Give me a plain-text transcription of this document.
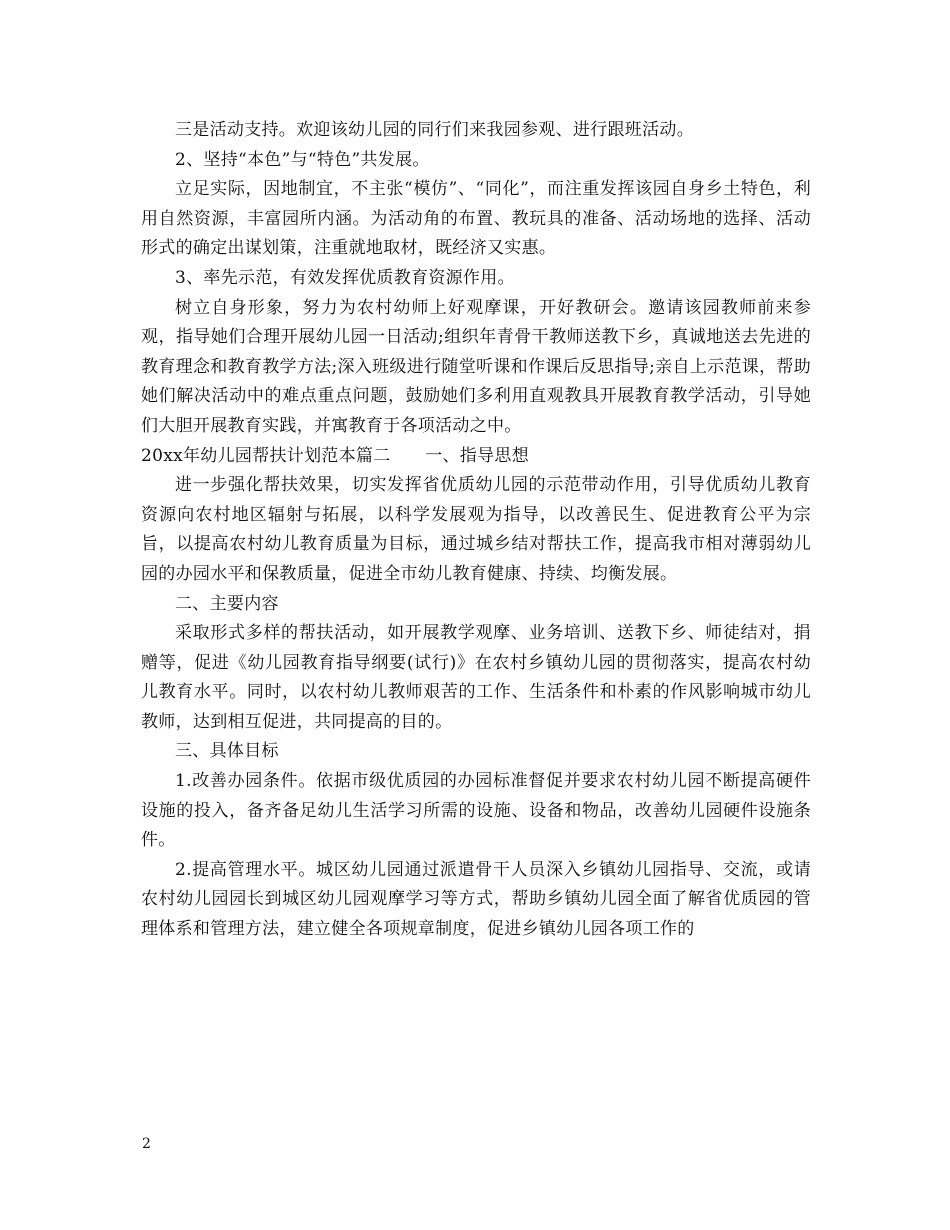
三是活动支持。欢迎该幼儿园的同行们来我园参观、进行跟班活动。

2、坚持“本色”与“特色”共发展。

立足实际，因地制宜，不主张“模仿”、“同化”，而注重发挥该园自身乡土特色，利用自然资源，丰富园所内涵。为活动角的布置、教玩具的准备、活动场地的选择、活动形式的确定出谋划策，注重就地取材，既经济又实惠。

3、率先示范，有效发挥优质教育资源作用。

树立自身形象，努力为农村幼师上好观摩课，开好教研会。邀请该园教师前来参观，指导她们合理开展幼儿园一日活动;组织年青骨干教师送教下乡，真诚地送去先进的教育理念和教育教学方法;深入班级进行随堂听课和作课后反思指导;亲自上示范课，帮助她们解决活动中的难点重点问题，鼓励她们多利用直观教具开展教育教学活动，引导她们大胆开展教育实践，并寓教育于各项活动之中。

20xx年幼儿园帮扶计划范本篇二　　一、指导思想

进一步强化帮扶效果，切实发挥省优质幼儿园的示范带动作用，引导优质幼儿教育资源向农村地区辐射与拓展，以科学发展观为指导，以改善民生、促进教育公平为宗旨，以提高农村幼儿教育质量为目标，通过城乡结对帮扶工作，提高我市相对薄弱幼儿园的办园水平和保教质量，促进全市幼儿教育健康、持续、均衡发展。

二、主要内容

采取形式多样的帮扶活动，如开展教学观摩、业务培训、送教下乡、师徒结对，捐赠等，促进《幼儿园教育指导纲要(试行)》在农村乡镇幼儿园的贯彻落实，提高农村幼儿教育水平。同时，以农村幼儿教师艰苦的工作、生活条件和朴素的作风影响城市幼儿教师，达到相互促进，共同提高的目的。

三、具体目标

1.改善办园条件。依据市级优质园的办园标准督促并要求农村幼儿园不断提高硬件设施的投入，备齐备足幼儿生活学习所需的设施、设备和物品，改善幼儿园硬件设施条件。

2.提高管理水平。城区幼儿园通过派遣骨干人员深入乡镇幼儿园指导、交流，或请农村幼儿园园长到城区幼儿园观摩学习等方式，帮助乡镇幼儿园全面了解省优质园的管理体系和管理方法，建立健全各项规章制度，促进乡镇幼儿园各项工作的

2
